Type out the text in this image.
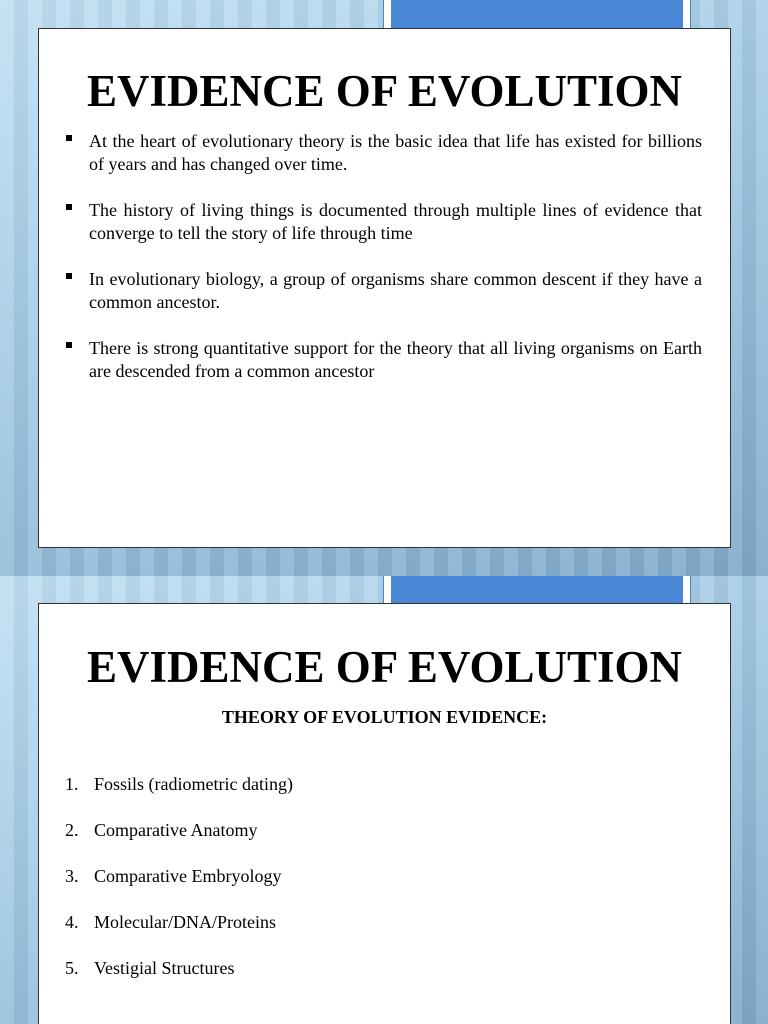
EVIDENCE OF EVOLUTION
At the heart of evolutionary theory is the basic idea that life has existed for billions of years and has changed over time.
The history of living things is documented through multiple lines of evidence that converge to tell the story of life through time
In evolutionary biology, a group of organisms share common descent if they have a common ancestor.
There is strong quantitative support for the theory that all living organisms on Earth are descended from a common ancestor
EVIDENCE OF EVOLUTION

THEORY OF EVOLUTION EVIDENCE:

1. Fossils (radiometric dating)
2. Comparative Anatomy
3. Comparative Embryology
4. Molecular/DNA/Proteins
5. Vestigial Structures
